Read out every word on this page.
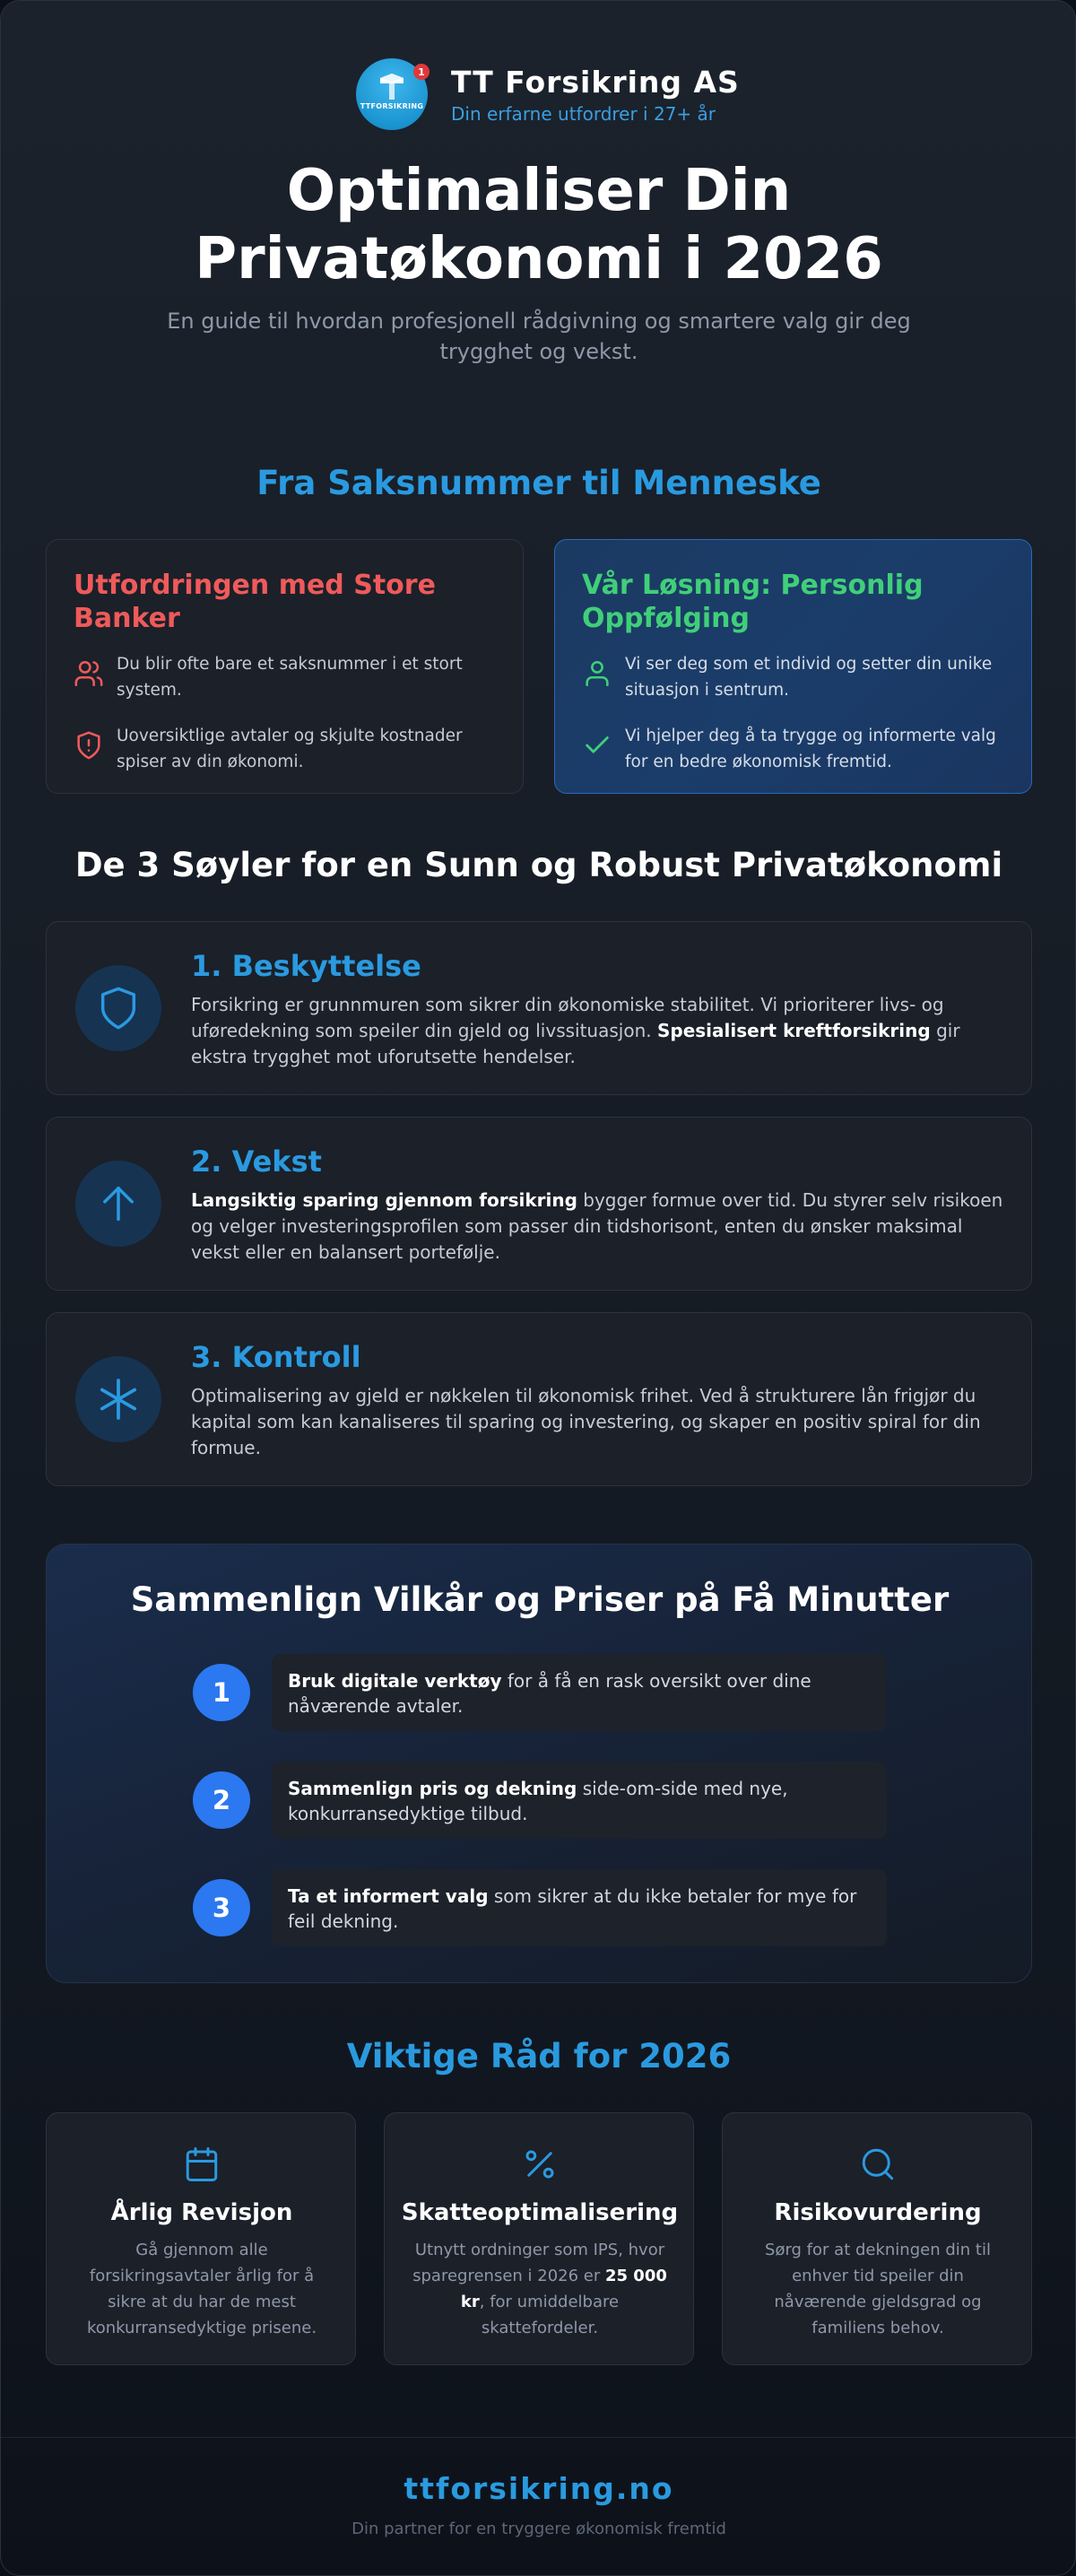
TTFORSIKRING
1 TT Forsikring AS
Din erfarne utfordrer i 27+ år
Optimaliser Din Privatøkonomi i 2026

En guide til hvordan profesjonell rådgivning og smartere valg gir deg trygghet og vekst.

Fra Saksnummer til Menneske
Utfordringen med Store Banker
Du blir ofte bare et saksnummer i et stort system.
Uoversiktlige avtaler og skjulte kostnader spiser av din økonomi.
Vår Løsning: Personlig Oppfølging
Vi ser deg som et individ og setter din unike situasjon i sentrum.
Vi hjelper deg å ta trygge og informerte valg for en bedre økonomisk fremtid.
De 3 Søyler for en Sunn og Robust Privatøkonomi
1. Beskyttelse
Forsikring er grunnmuren som sikrer din økonomiske stabilitet. Vi prioriterer livs- og uføredekning som speiler din gjeld og livssituasjon. Spesialisert kreftforsikring gir ekstra trygghet mot uforutsette hendelser.
2. Vekst
Langsiktig sparing gjennom forsikring bygger formue over tid. Du styrer selv risikoen og velger investeringsprofilen som passer din tidshorisont, enten du ønsker maksimal vekst eller en balansert portefølje.
3. Kontroll
Optimalisering av gjeld er nøkkelen til økonomisk frihet. Ved å strukturere lån frigjør du kapital som kan kanaliseres til sparing og investering, og skaper en positiv spiral for din formue.
Sammenlign Vilkår og Priser på Få Minutter
1	Bruk digitale verktøy for å få en rask oversikt over dine nåværende avtaler.
2	Sammenlign pris og dekning side-om-side med nye, konkurransedyktige tilbud.
3	Ta et informert valg som sikrer at du ikke betaler for mye for feil dekning.
Viktige Råd for 2026
Årlig Revisjon
Gå gjennom alle forsikringsavtaler årlig for å sikre at du har de mest konkurransedyktige prisene.
Skatteoptimalisering
Utnytt ordninger som IPS, hvor sparegrensen i 2026 er 25 000 kr, for umiddelbare skattefordeler.
Risikovurdering
Sørg for at dekningen din til enhver tid speiler din nåværende gjeldsgrad og familiens behov.
ttforsikring.no
Din partner for en tryggere økonomisk fremtid
